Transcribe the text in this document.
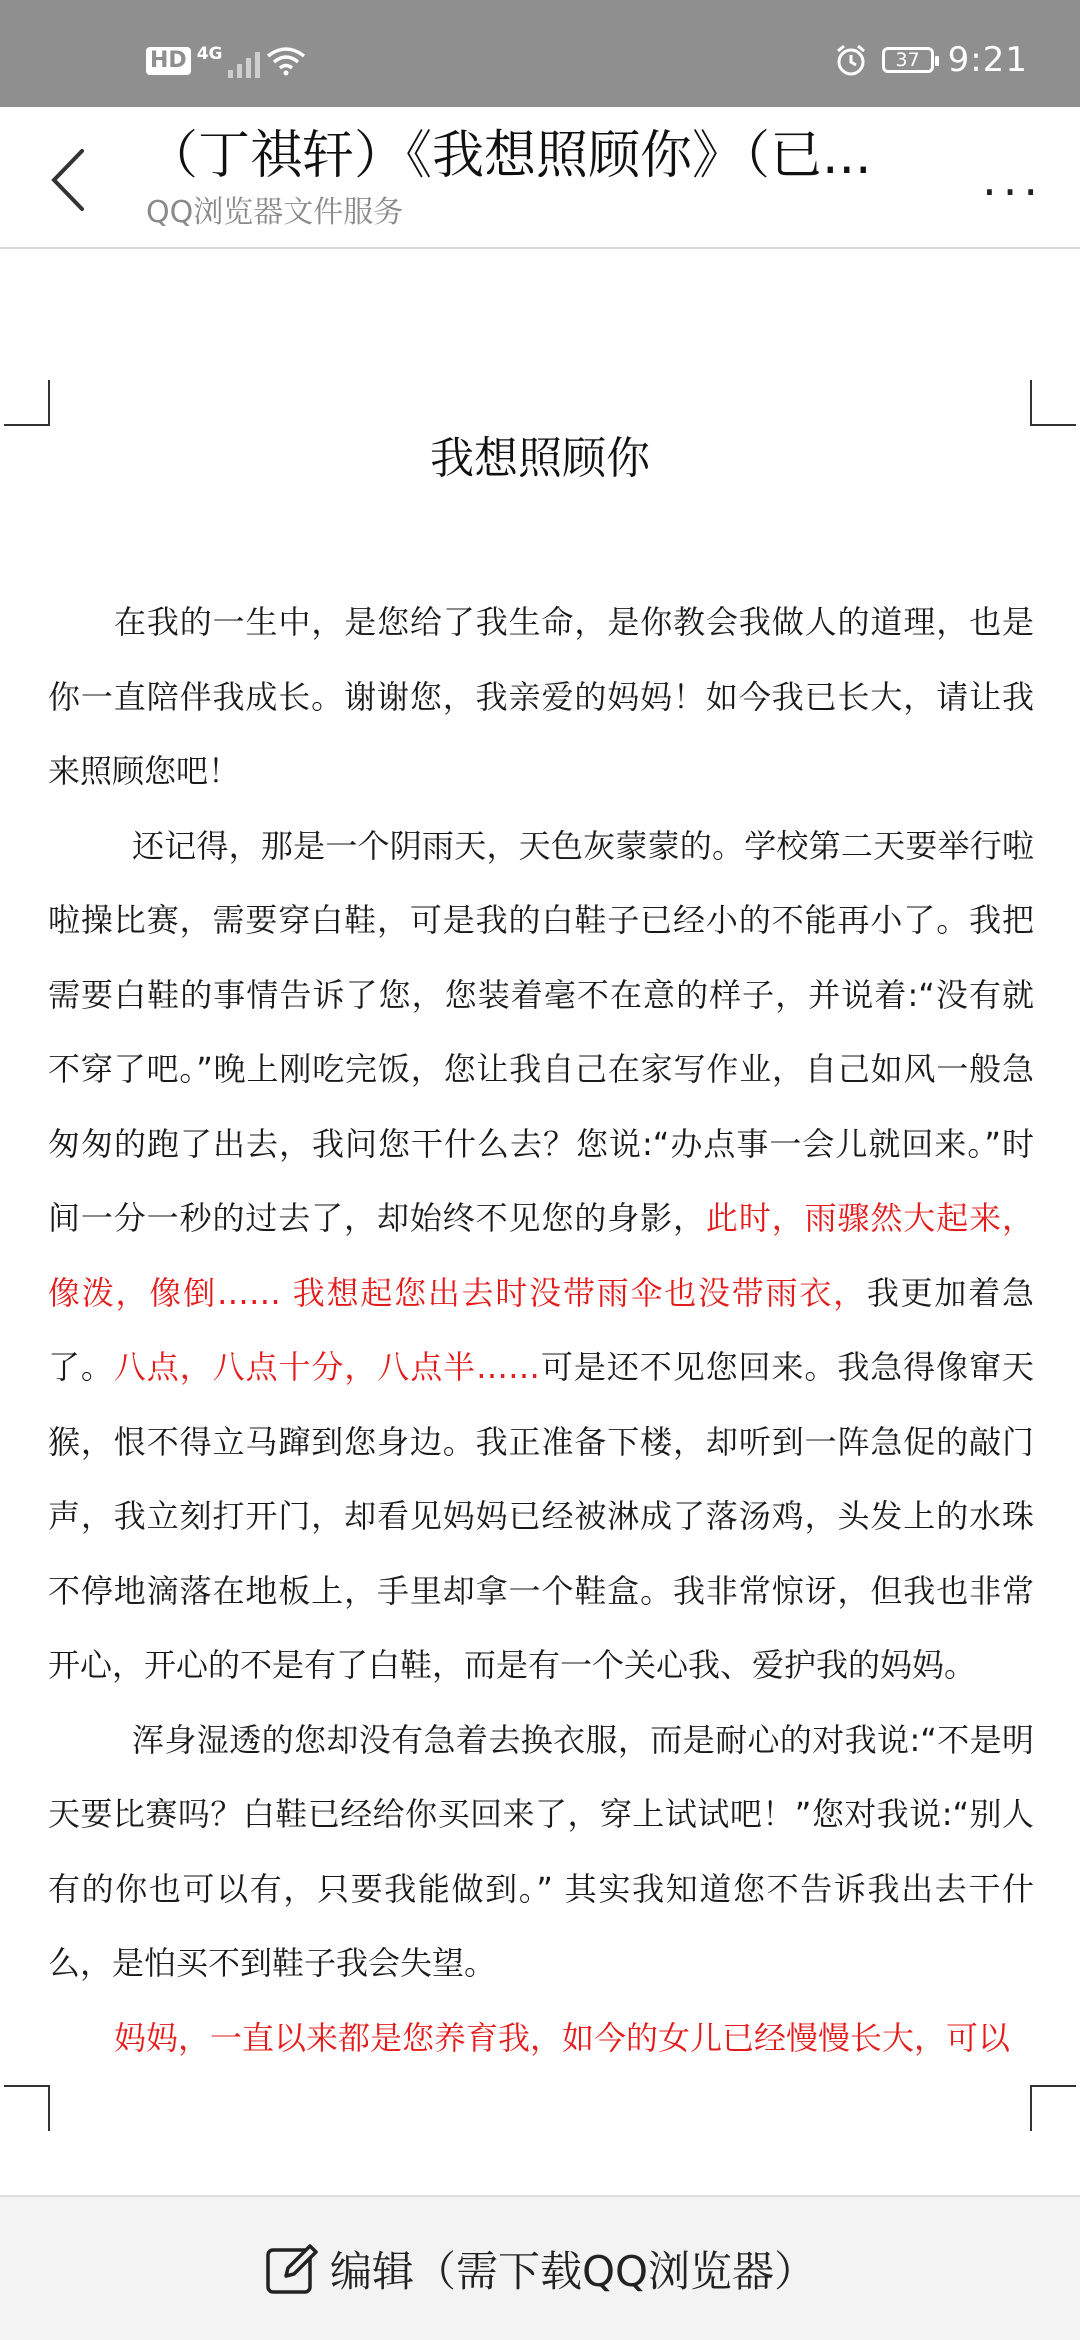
HD 4G	37 9:21
（丁祺轩）《我想照顾你》（已...
QQ浏览器文件服务
...
我想照顾你

在我的一生中，是您给了我生命，是你教会我做人的道理，也是你一直陪伴我成长。谢谢您，我亲爱的妈妈！如今我已长大，请让我来照顾您吧！

还记得，那是一个阴雨天，天色灰蒙蒙的。学校第二天要举行啦啦操比赛，需要穿白鞋，可是我的白鞋子已经小的不能再小了。我把需要白鞋的事情告诉了您，您装着毫不在意的样子，并说着:“没有就不穿了吧。”晚上刚吃完饭，您让我自己在家写作业，自己如风一般急匆匆的跑了出去，我问您干什么去？您说:“办点事一会儿就回来。”时间一分一秒的过去了，却始终不见您的身影，此时，雨骤然大起来，像泼，像倒…… 我想起您出去时没带雨伞也没带雨衣，我更加着急了。八点，八点十分，八点半……可是还不见您回来。我急得像窜天猴，恨不得立马蹿到您身边。我正准备下楼，却听到一阵急促的敲门声，我立刻打开门，却看见妈妈已经被淋成了落汤鸡，头发上的水珠不停地滴落在地板上，手里却拿一个鞋盒。我非常惊讶，但我也非常开心，开心的不是有了白鞋，而是有一个关心我、爱护我的妈妈。

浑身湿透的您却没有急着去换衣服，而是耐心的对我说:“不是明天要比赛吗？白鞋已经给你买回来了，穿上试试吧！”您对我说:“别人有的你也可以有，只要我能做到。” 其实我知道您不告诉我出去干什么，是怕买不到鞋子我会失望。

妈妈，一直以来都是您养育我，如今的女儿已经慢慢长大，可以

编辑（需下载QQ浏览器）
